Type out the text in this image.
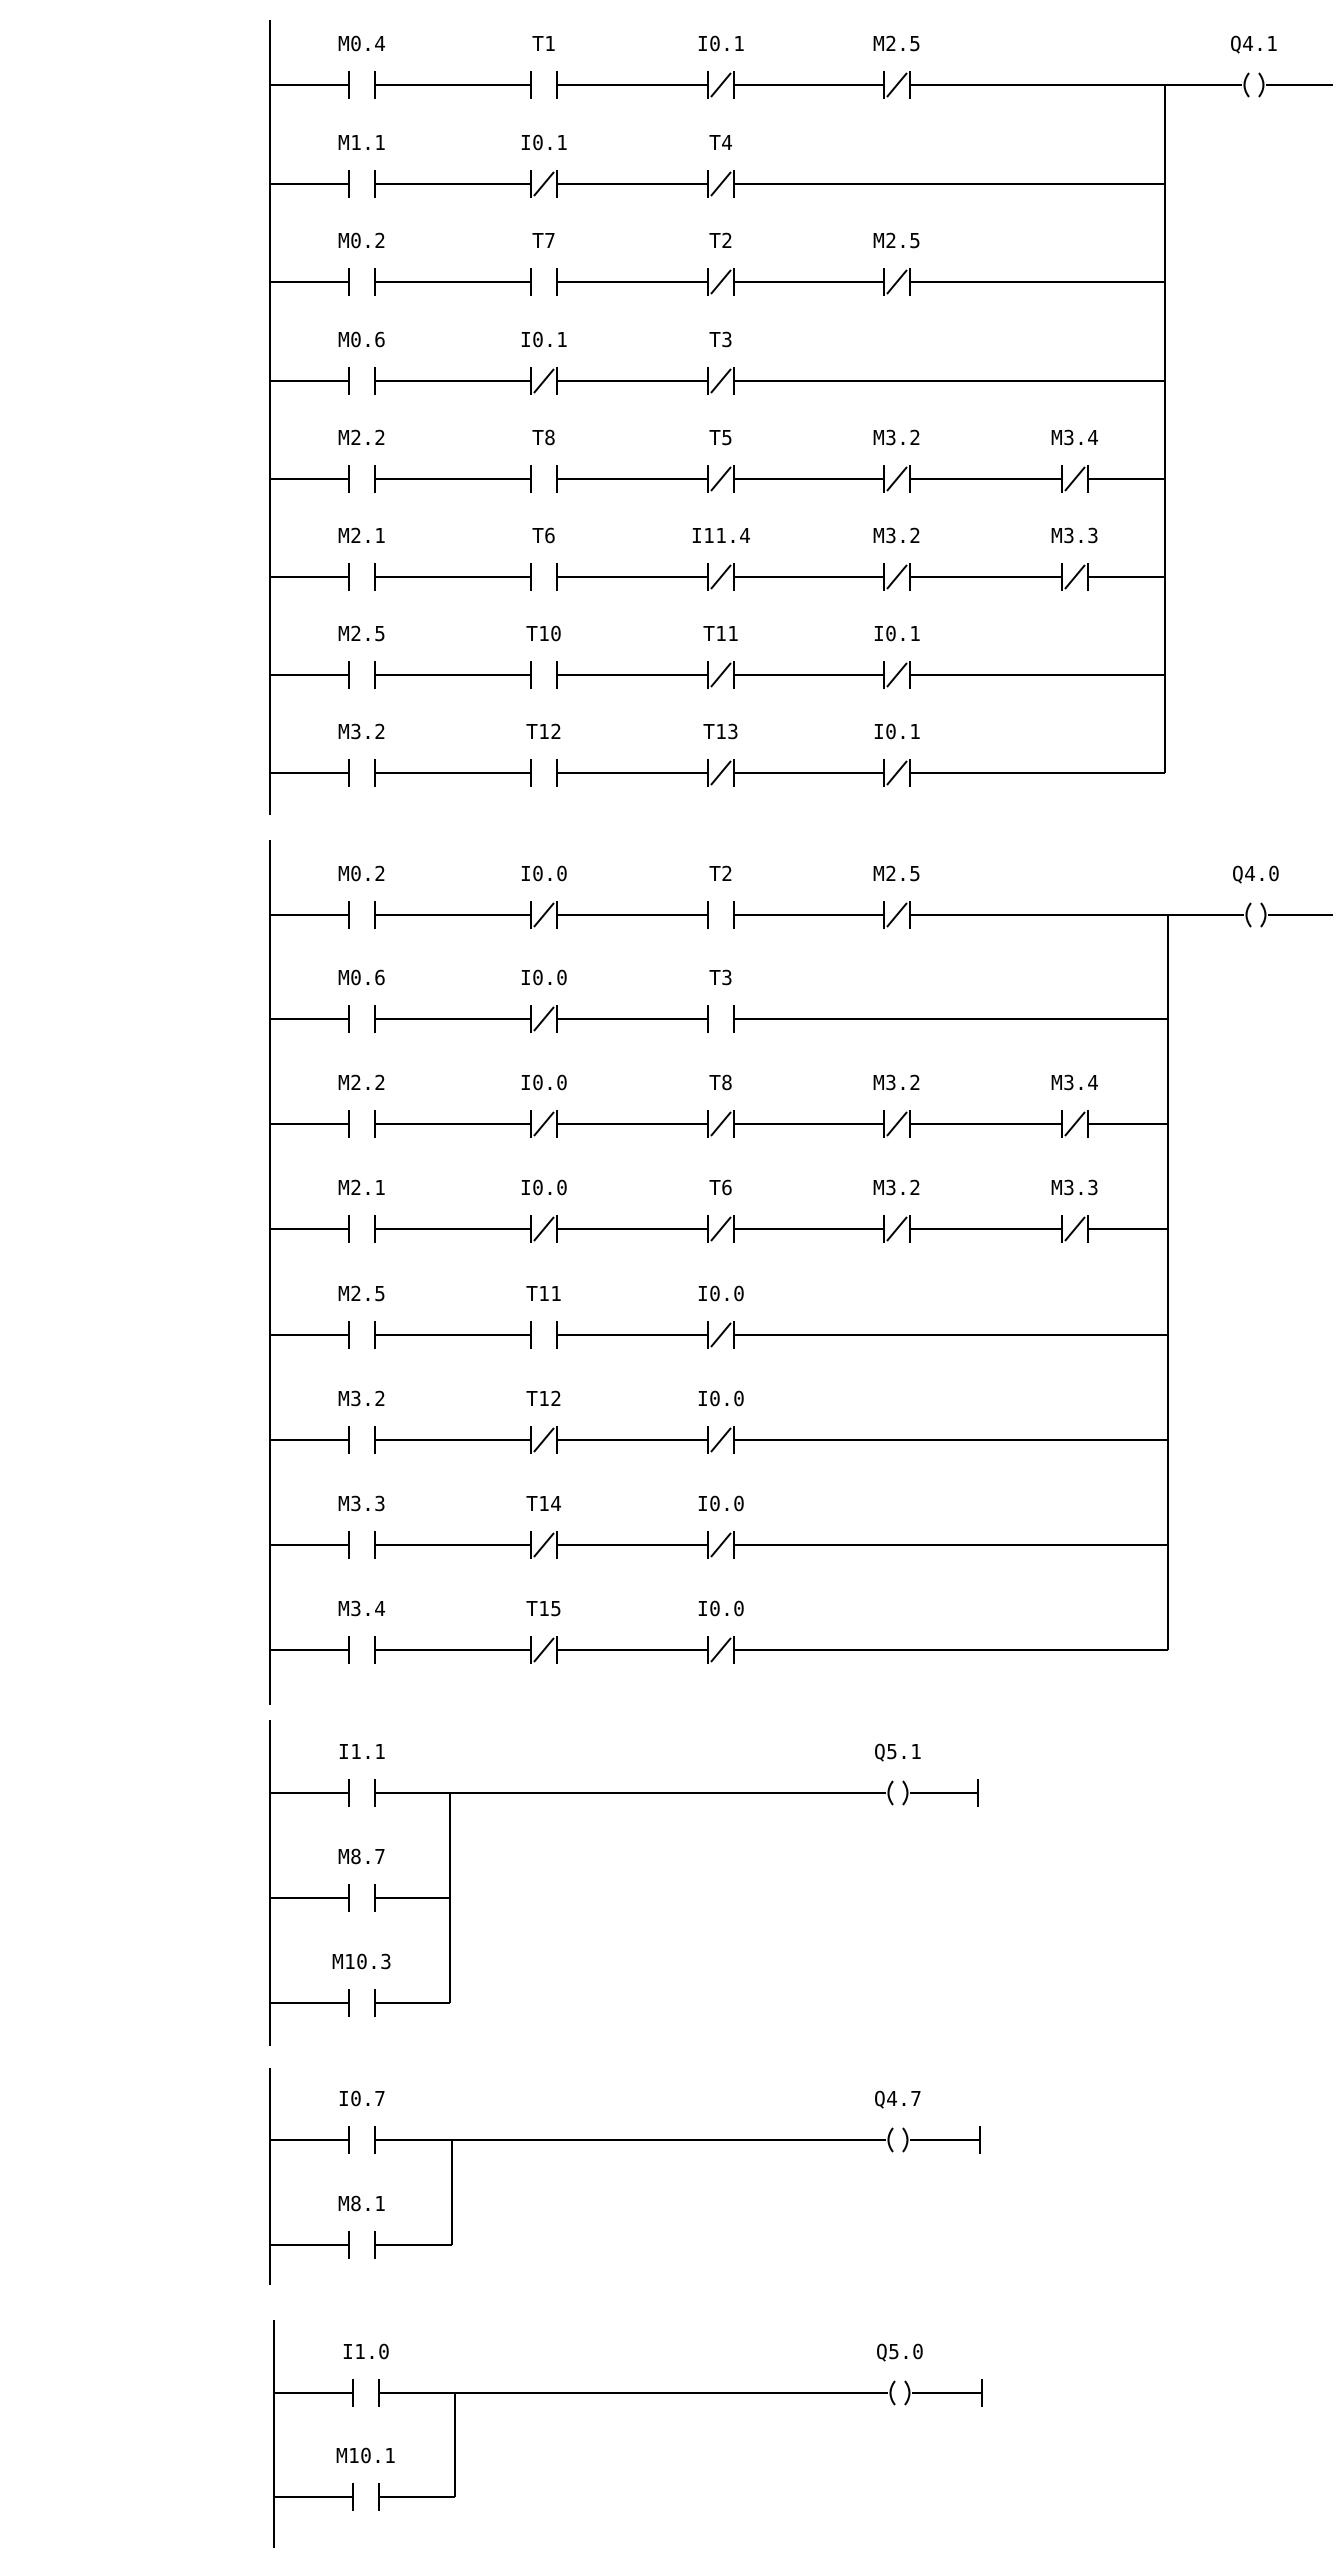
M0.4	T1	I0.1	M2.5
M1.1	I0.1	T4
M0.2	T7	T2	M2.5
M0.6	I0.1	T3
M2.2	T8	T5	M3.2	M3.4
M2.1	T6	I11.4	M3.2	M3.3
M2.5	T10	T11	I0.1
M3.2	T12	T13	I0.1
Q4.1
M0.2	I0.0	T2	M2.5
M0.6	I0.0	T3
M2.2	I0.0	T8	M3.2	M3.4
M2.1	I0.0	T6	M3.2	M3.3
M2.5	T11	I0.0
M3.2	T12	I0.0
M3.3	T14	I0.0
M3.4	T15	I0.0
Q4.0
I1.1
M8.7
M10.3
Q5.1
I0.7
M8.1
Q4.7
I1.0
M10.1
Q5.0
